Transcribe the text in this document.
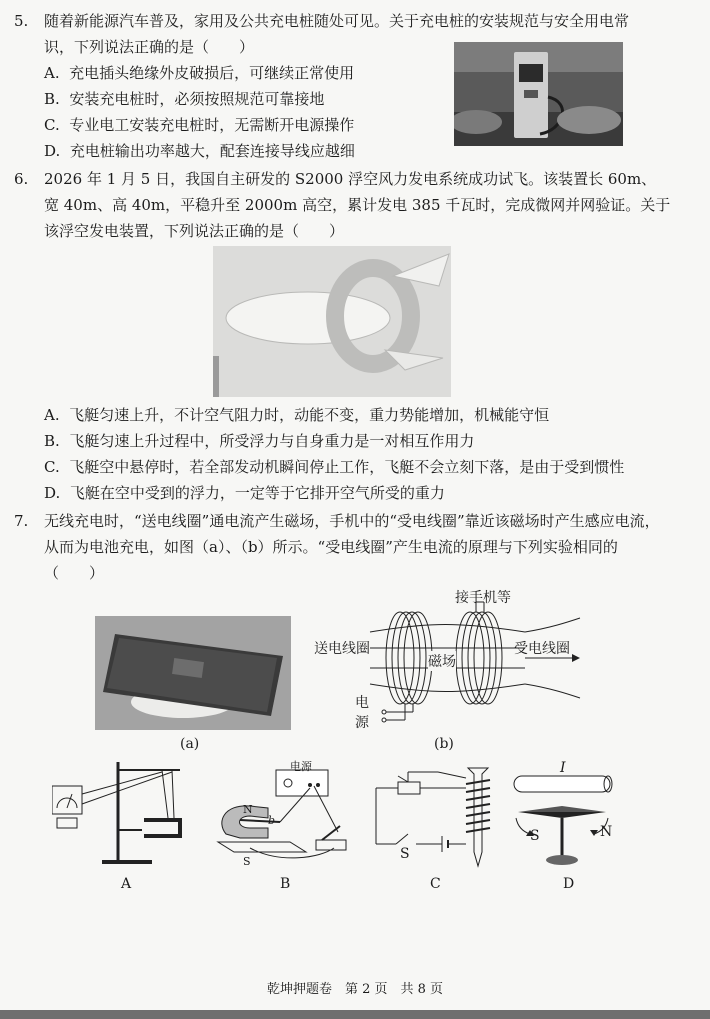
5. 随着新能源汽车普及，家用及公共充电桩随处可见。关于充电桩的安装规范与安全用电常
识，下列说法正确的是（　　）
A. 充电插头绝缘外皮破损后，可继续正常使用
B. 安装充电桩时，必须按照规范可靠接地
C. 专业电工安装充电桩时，无需断开电源操作
D. 充电桩输出功率越大，配套连接导线应越细
6. 2026 年 1 月 5 日，我国自主研发的 S2000 浮空风力发电系统成功试飞。该装置长 60m、
宽 40m、高 40m，平稳升至 2000m 高空，累计发电 385 千瓦时，完成微网并网验证。关于
该浮空发电装置，下列说法正确的是（　　）
A. 飞艇匀速上升，不计空气阻力时，动能不变，重力势能增加，机械能守恒
B. 飞艇匀速上升过程中，所受浮力与自身重力是一对相互作用力
C. 飞艇空中悬停时，若全部发动机瞬间停止工作，飞艇不会立刻下落，是由于受到惯性
D. 飞艇在空中受到的浮力，一定等于它排开空气所受的重力
7. 无线充电时，“送电线圈”通电流产生磁场，手机中的“受电线圈”靠近该磁场时产生感应电流，
从而为电池充电，如图（a）、（b）所示。“受电线圈”产生电流的原理与下列实验相同的
（　　）
(a)
接手机等
送电线圈	受电线圈
磁场
电
源
(b)
A
电源
N
S
b
B
S
C
I
S	N
D
乾坤押题卷　第 2 页　共 8 页
